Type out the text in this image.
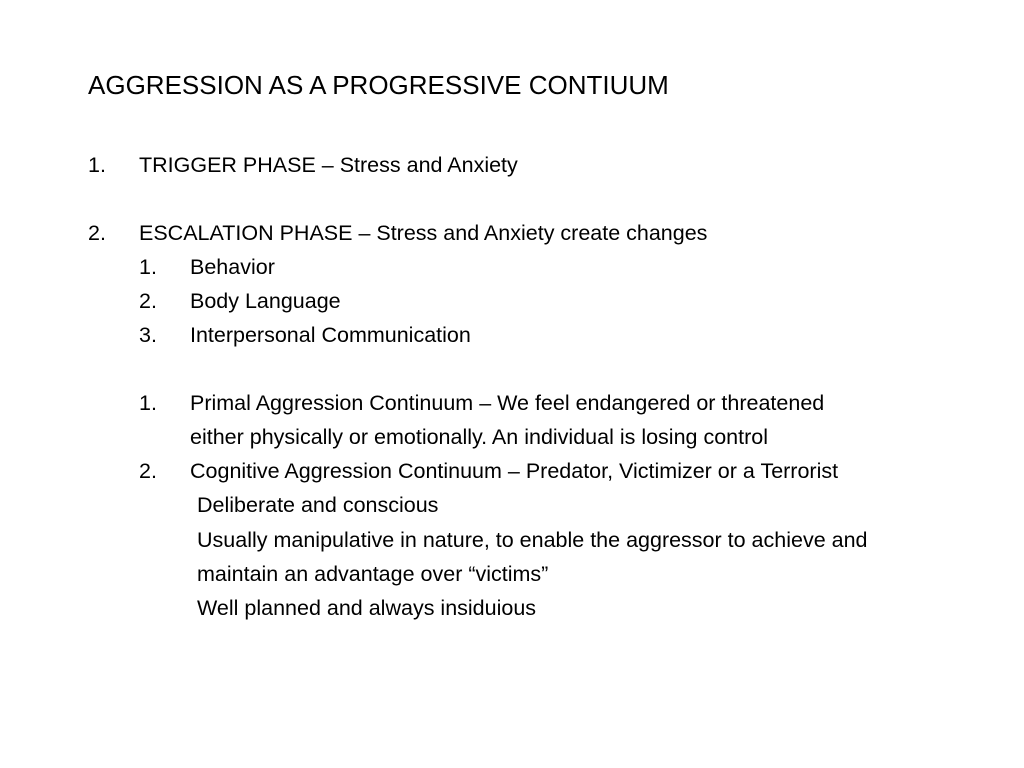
AGGRESSION AS A PROGRESSIVE CONTIUUM
1.	TRIGGER PHASE – Stress and Anxiety
2.	ESCALATION PHASE – Stress and Anxiety create changes
1.	Behavior
2.	Body Language
3.	Interpersonal Communication
1.	Primal Aggression Continuum – We feel endangered or threatened
either physically or emotionally. An individual is losing control
2.	Cognitive Aggression Continuum – Predator, Victimizer or a Terrorist
Deliberate and conscious
Usually manipulative in nature, to enable the aggressor to achieve and
maintain an advantage over “victims”
Well planned and always insiduious
